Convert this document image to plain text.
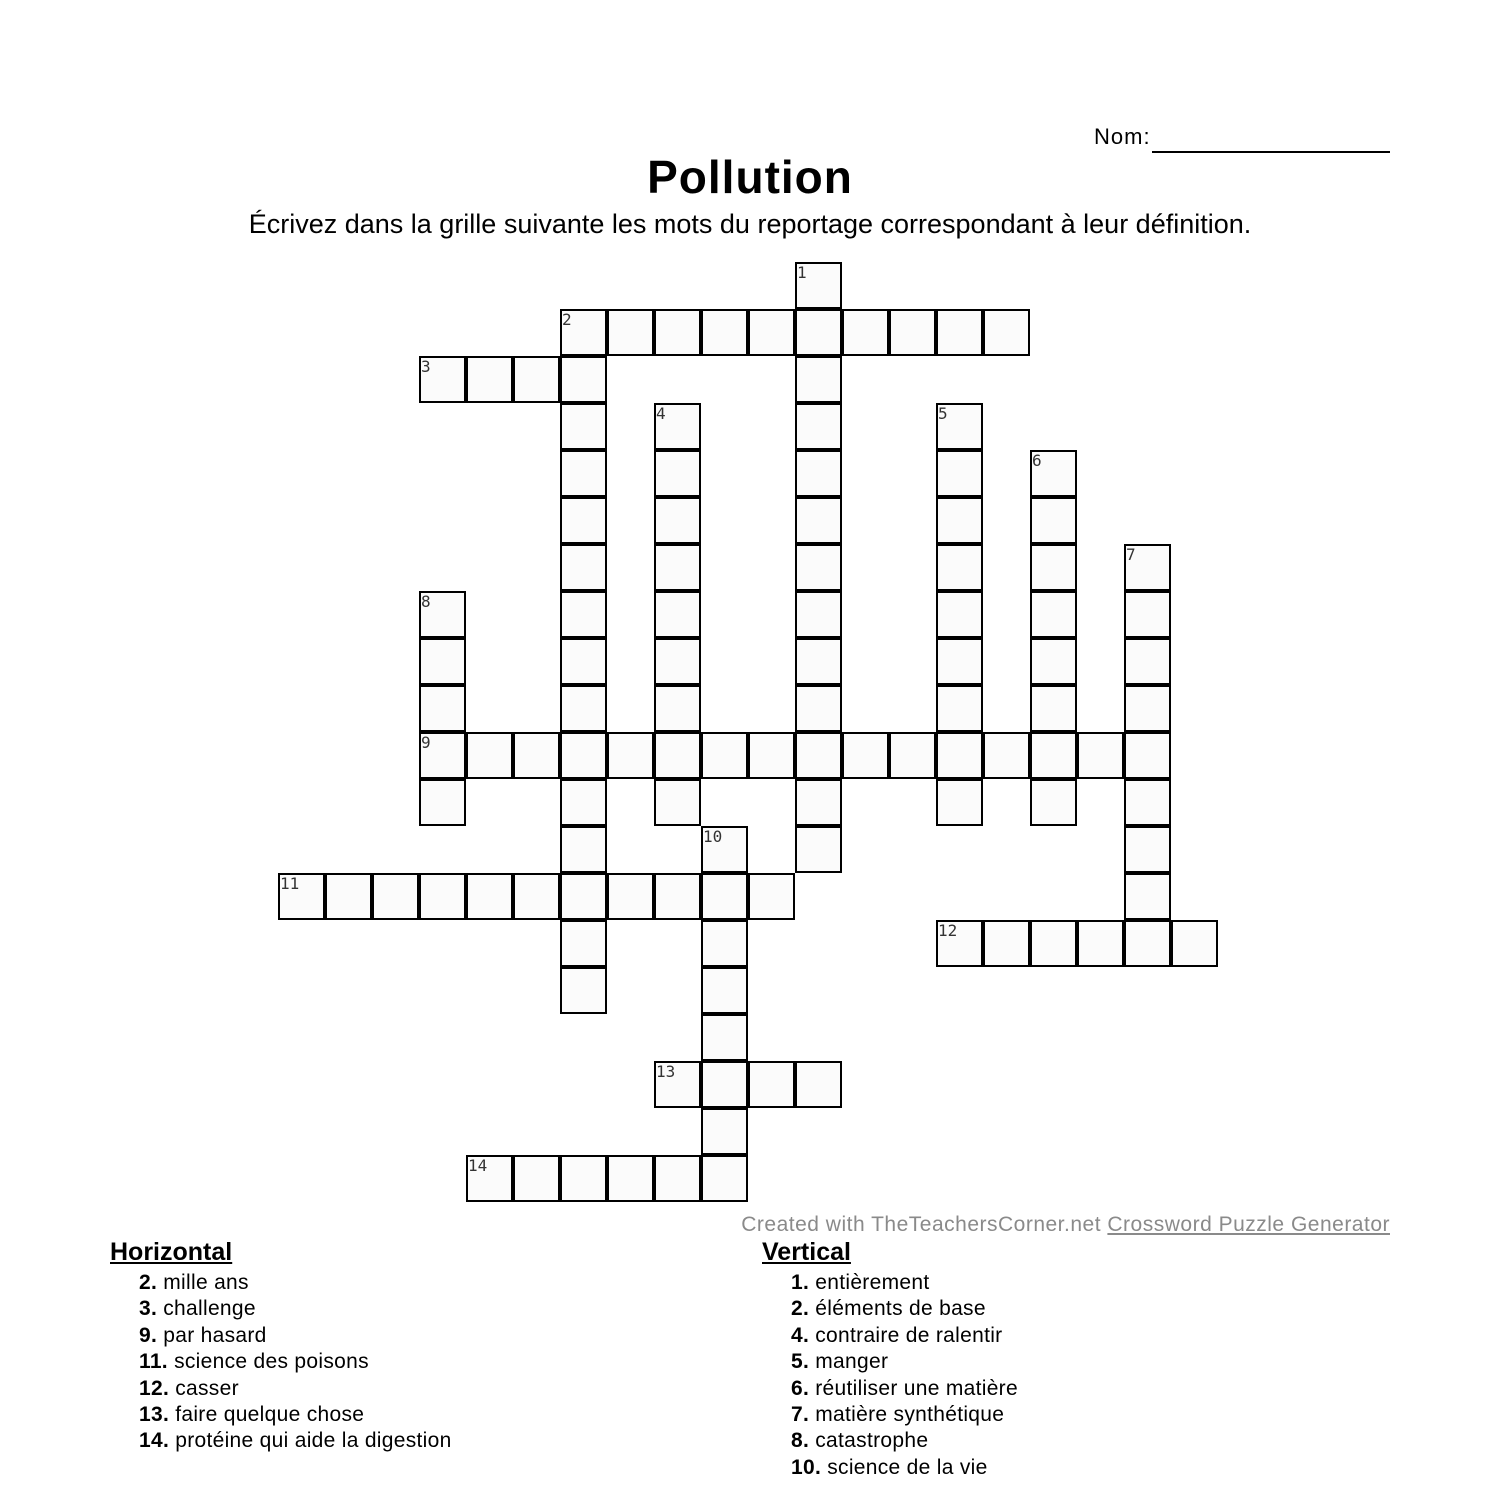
Nom:
Pollution
Écrivez dans la grille suivante les mots du reportage correspondant à leur définition.
1
2
3
4	5
6
7
8
9
10
11
12
13
14
Created with TheTeachersCorner.net Crossword Puzzle Generator
Horizontal
2. mille ans
3. challenge
9. par hasard
11. science des poisons
12. casser
13. faire quelque chose
14. protéine qui aide la digestion
Vertical
1. entièrement
2. éléments de base
4. contraire de ralentir
5. manger
6. réutiliser une matière
7. matière synthétique
8. catastrophe
10. science de la vie
